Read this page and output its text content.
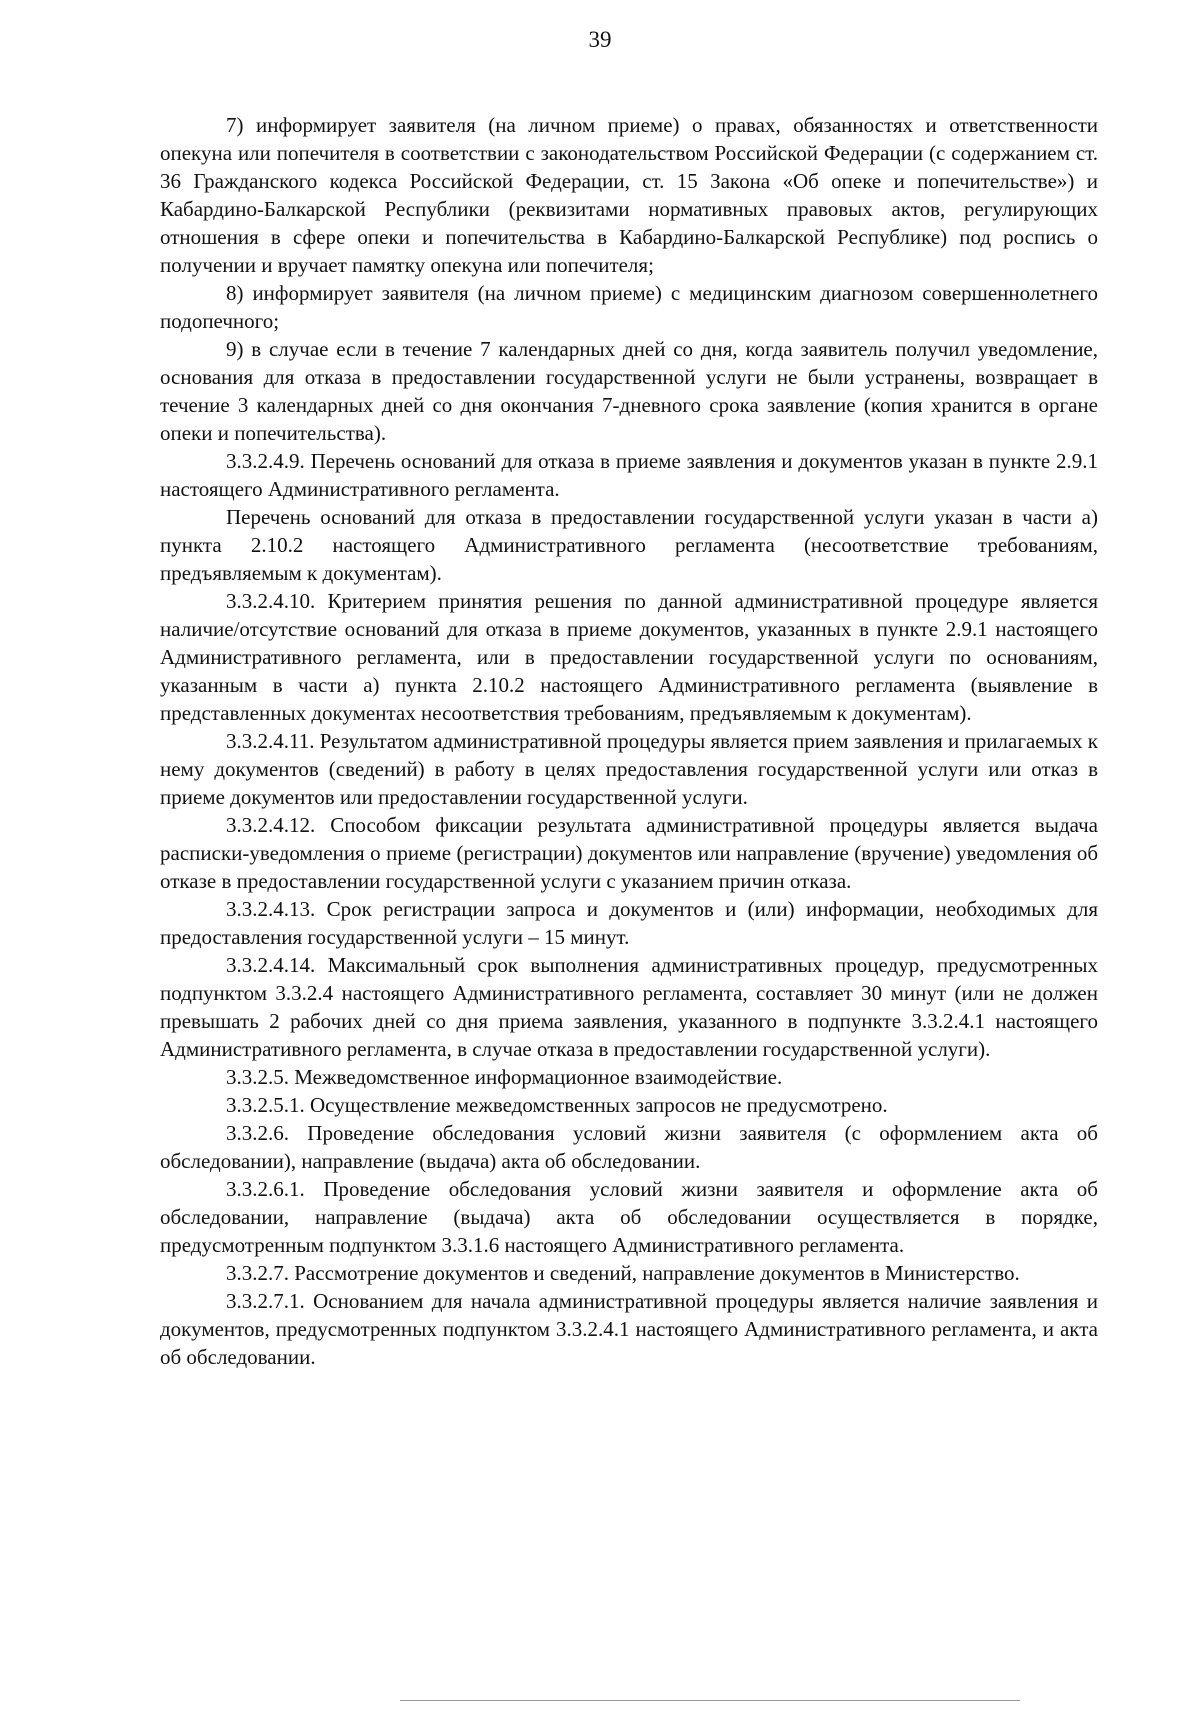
39

7) информирует заявителя (на личном приеме) о правах, обязанностях и ответственности опекуна или попечителя в соответствии с законодательством Российской Федерации (с содержанием ст. 36 Гражданского кодекса Российской Федерации, ст. 15 Закона «Об опеке и попечительстве») и Кабардино-Балкарской Республики (реквизитами нормативных правовых актов, регулирующих отношения в сфере опеки и попечительства в Кабардино-Балкарской Республике) под роспись о получении и вручает памятку опекуна или попечителя;

8) информирует заявителя (на личном приеме) с медицинским диагнозом совершеннолетнего подопечного;

9) в случае если в течение 7 календарных дней со дня, когда заявитель получил уведомление, основания для отказа в предоставлении государственной услуги не были устранены, возвращает в течение 3 календарных дней со дня окончания 7-дневного срока заявление (копия хранится в органе опеки и попечительства).

3.3.2.4.9. Перечень оснований для отказа в приеме заявления и документов указан в пункте 2.9.1 настоящего Административного регламента.

Перечень оснований для отказа в предоставлении государственной услуги указан в части а) пункта 2.10.2 настоящего Административного регламента (несоответствие требованиям, предъявляемым к документам).

3.3.2.4.10. Критерием принятия решения по данной административной процедуре является наличие/отсутствие оснований для отказа в приеме документов, указанных в пункте 2.9.1 настоящего Административного регламента, или в предоставлении государственной услуги по основаниям, указанным в части а) пункта 2.10.2 настоящего Административного регламента (выявление в представленных документах несоответствия требованиям, предъявляемым к документам).

3.3.2.4.11. Результатом административной процедуры является прием заявления и прилагаемых к нему документов (сведений) в работу в целях предоставления государственной услуги или отказ в приеме документов или предоставлении государственной услуги.

3.3.2.4.12. Способом фиксации результата административной процедуры является выдача расписки-уведомления о приеме (регистрации) документов или направление (вручение) уведомления об отказе в предоставлении государственной услуги с указанием причин отказа.

3.3.2.4.13. Срок регистрации запроса и документов и (или) информации, необходимых для предоставления государственной услуги – 15 минут.

3.3.2.4.14. Максимальный срок выполнения административных процедур, предусмотренных подпунктом 3.3.2.4 настоящего Административного регламента, составляет 30 минут (или не должен превышать 2 рабочих дней со дня приема заявления, указанного в подпункте 3.3.2.4.1 настоящего Административного регламента, в случае отказа в предоставлении государственной услуги).

3.3.2.5. Межведомственное информационное взаимодействие.

3.3.2.5.1. Осуществление межведомственных запросов не предусмотрено.

3.3.2.6. Проведение обследования условий жизни заявителя (с оформлением акта об обследовании), направление (выдача) акта об обследовании.

3.3.2.6.1. Проведение обследования условий жизни заявителя и оформление акта об обследовании, направление (выдача) акта об обследовании осуществляется в порядке, предусмотренным подпунктом 3.3.1.6 настоящего Административного регламента.

3.3.2.7. Рассмотрение документов и сведений, направление документов в Министерство.

3.3.2.7.1. Основанием для начала административной процедуры является наличие заявления и документов, предусмотренных подпунктом 3.3.2.4.1 настоящего Административного регламента, и акта об обследовании.
